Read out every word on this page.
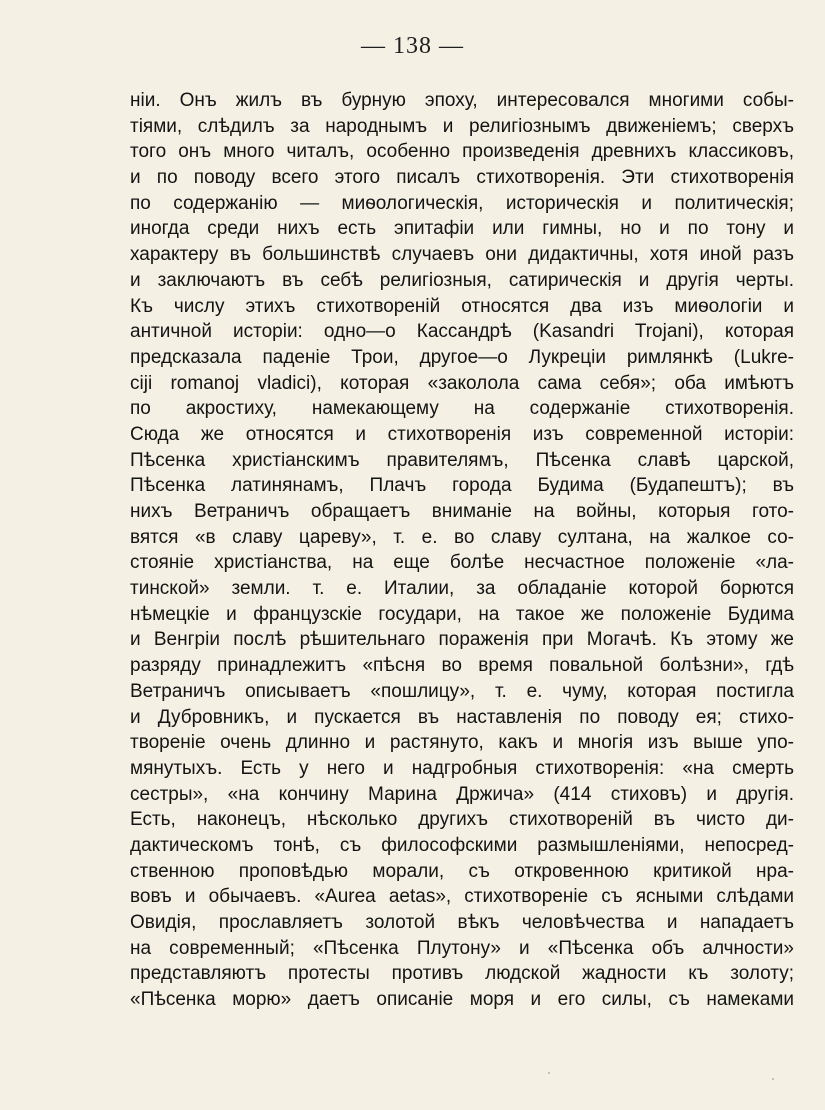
— 138 —
нiи. Онъ жилъ въ бурную эпоху, интересовался многими собы-
тiями, слѣдилъ за народнымъ и религiознымъ движенiемъ; сверхъ
того онъ много читалъ, особенно произведенiя древнихъ классиковъ,
и по поводу всего этого писалъ стихотворенiя. Эти стихотворенiя
по содержанiю — миѳологическiя, историческiя и политическiя;
иногда среди нихъ есть эпитафiи или гимны, но и по тону и
характеру въ большинствѣ случаевъ они дидактичны, хотя иной разъ
и заключаютъ въ себѣ религiозныя, сатирическiя и другiя черты.
Къ числу этихъ стихотворенiй относятся два изъ миѳологiи и
античной исторiи: одно—о Кассандрѣ (Kasandri Trojani), которая
предсказала паденiе Трои, другое—о Лукрецiи римлянкѣ (Lukre-
ciji romanoj vladici), которая «заколола сама себя»; оба имѣютъ
по акростиху, намекающему на содержанiе стихотворенiя.
Сюда же относятся и стихотворенiя изъ современной исторiи:
Пѣсенка христiанскимъ правителямъ, Пѣсенка славѣ царской,
Пѣсенка латинянамъ, Плачъ города Будима (Будапештъ); въ
нихъ Ветраничъ обращаетъ вниманiе на войны, которыя гото-
вятся «в славу цареву», т. е. во славу султана, на жалкое со-
стоянiе христiанства, на еще болѣе несчастное положенiе «ла-
тинской» земли. т. е. Италии, за обладанiе которой борются
нѣмецкiе и французскiе государи, на такое же положенiе Будима
и Венгрiи послѣ рѣшительнаго пораженiя при Могачѣ. Къ этому же
разряду принадлежитъ «пѣсня во время повальной болѣзни», гдѣ
Ветраничъ описываетъ «пошлицу», т. е. чуму, которая постигла
и Дубровникъ, и пускается въ наставленiя по поводу ея; стихо-
творенiе очень длинно и растянуто, какъ и многiя изъ выше упо-
мянутыхъ. Есть у него и надгробныя стихотворенiя: «на смерть
сестры», «на кончину Марина Држича» (414 стиховъ) и другiя.
Есть, наконецъ, нѣсколько другихъ стихотворенiй въ чисто ди-
дактическомъ тонѣ, съ философскими размышленiями, непосред-
ственною проповѣдью морали, съ откровенною критикой нра-
вовъ и обычаевъ. «Aurea aetas», стихотворенiе съ ясными слѣдами
Овидiя, прославляетъ золотой вѣкъ человѣчества и нападаетъ
на современный; «Пѣсенка Плутону» и «Пѣсенка объ алчности»
представляютъ протесты противъ людской жадности къ золоту;
«Пѣсенка морю» даетъ описанiе моря и его силы, съ намеками
